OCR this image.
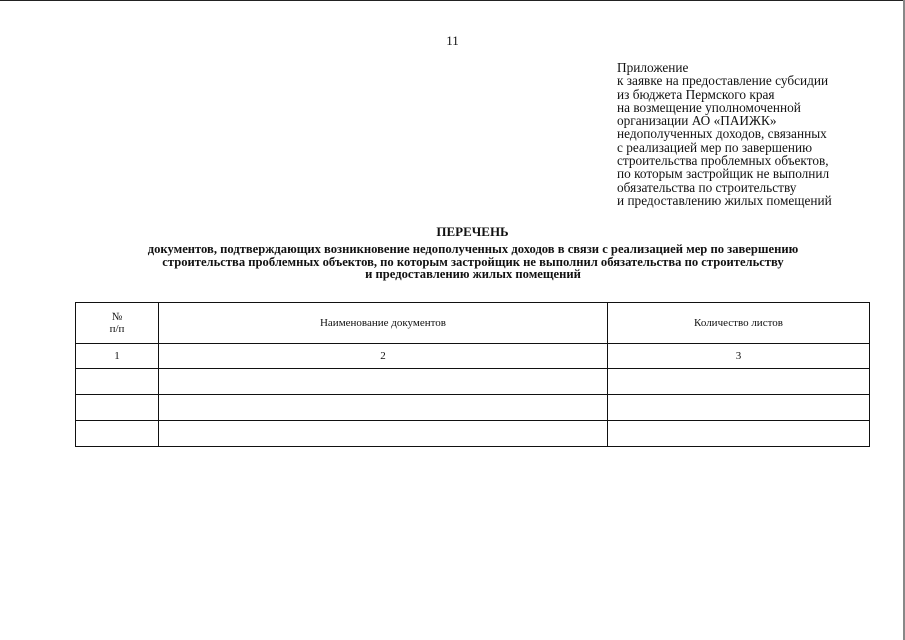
11
Приложение
к заявке на предоставление субсидии
из бюджета Пермского края
на возмещение уполномоченной
организации АО «ПАИЖК»
недополученных доходов, связанных
с реализацией мер по завершению
строительства проблемных объектов,
по которым застройщик не выполнил
обязательства по строительству
и предоставлению жилых помещений
ПЕРЕЧЕНЬ
документов, подтверждающих возникновение недополученных доходов в связи с реализацией мер по завершению
строительства проблемных объектов, по которым застройщик не выполнил обязательства по строительству
и предоставлению жилых помещений
№
п/п	Наименование документов	Количество листов
1	2	3
